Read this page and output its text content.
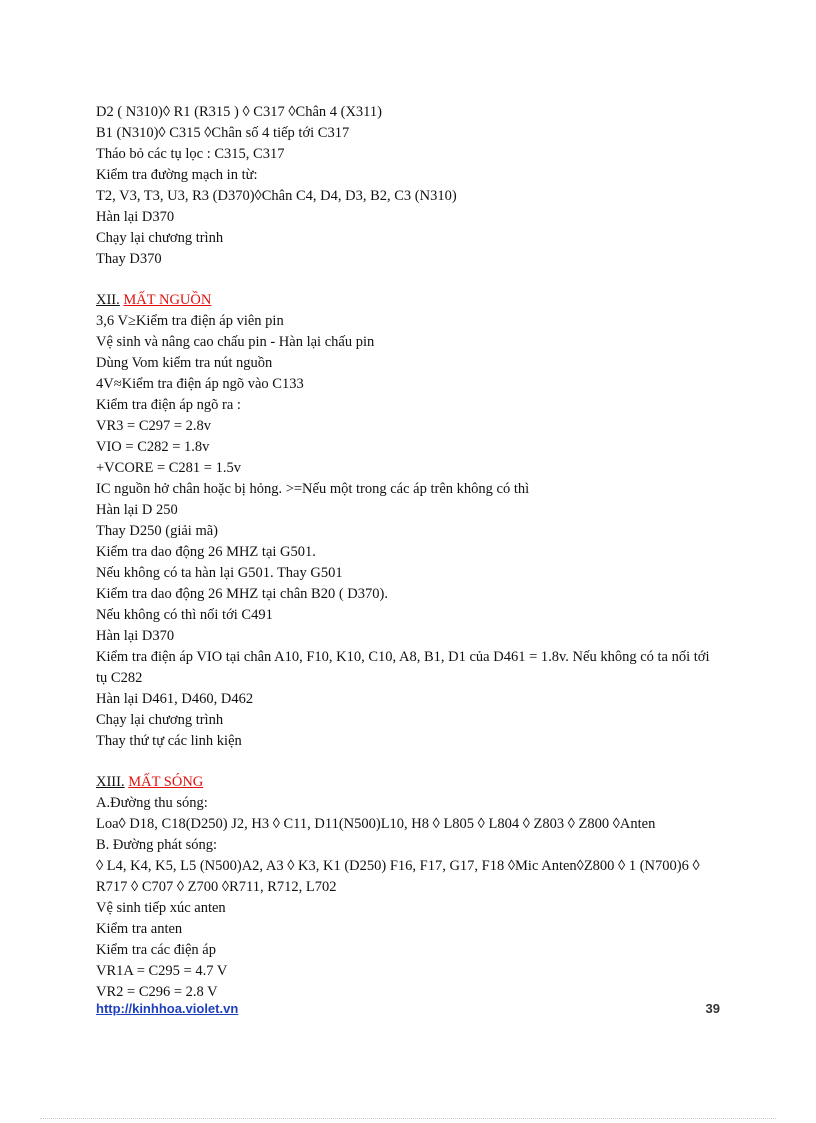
D2 ( N310)◊ R1 (R315 ) ◊ C317 ◊Chân 4 (X311)
B1 (N310)◊ C315 ◊Chân số 4 tiếp tới C317
Tháo bỏ các tụ lọc : C315, C317
Kiểm tra đường mạch in từ:
T2, V3, T3, U3, R3 (D370)◊Chân C4, D4, D3, B2, C3 (N310)
Hàn lại D370
Chạy lại chương trình
Thay D370
XII. MẤT NGUỒN
3,6 V≥Kiểm tra điện áp viên pin
Vệ sinh và nâng cao chấu pin - Hàn lại chấu pin
Dùng Vom kiểm tra nút nguồn
4V≈Kiểm tra điện áp ngõ vào C133
Kiểm tra điện áp ngõ ra :
VR3 = C297 = 2.8v
VIO = C282 = 1.8v
+VCORE = C281 = 1.5v
IC nguồn hở chân hoặc bị hỏng. >=Nếu một trong các áp trên không có thì
Hàn lại D 250
Thay D250 (giải mã)
Kiểm tra dao động 26 MHZ tại G501.
Nếu không có ta hàn lại G501. Thay G501
Kiểm tra dao động 26 MHZ tại chân B20 ( D370).
Nếu không có thì nối tới C491
Hàn lại D370
Kiểm tra điện áp VIO tại chân A10, F10, K10, C10, A8, B1, D1 của D461 = 1.8v. Nếu không có ta nối tới
tụ C282
Hàn lại D461, D460, D462
Chạy lại chương trình
Thay thứ tự các linh kiện
XIII. MẤT SÓNG
A.Đường thu sóng:
Loa◊ D18, C18(D250) J2, H3 ◊ C11, D11(N500)L10, H8 ◊ L805 ◊ L804 ◊ Z803 ◊ Z800 ◊Anten
B. Đường phát sóng:
◊ L4, K4, K5, L5 (N500)A2, A3 ◊ K3, K1 (D250) F16, F17, G17, F18 ◊Mic Anten◊Z800 ◊ 1 (N700)6 ◊
R717 ◊ C707 ◊ Z700 ◊R711, R712, L702
Vệ sinh tiếp xúc anten
Kiểm tra anten
Kiểm tra các điện áp
VR1A = C295 = 4.7 V
VR2 = C296 = 2.8 V
http://kinhhoa.violet.vn	39
